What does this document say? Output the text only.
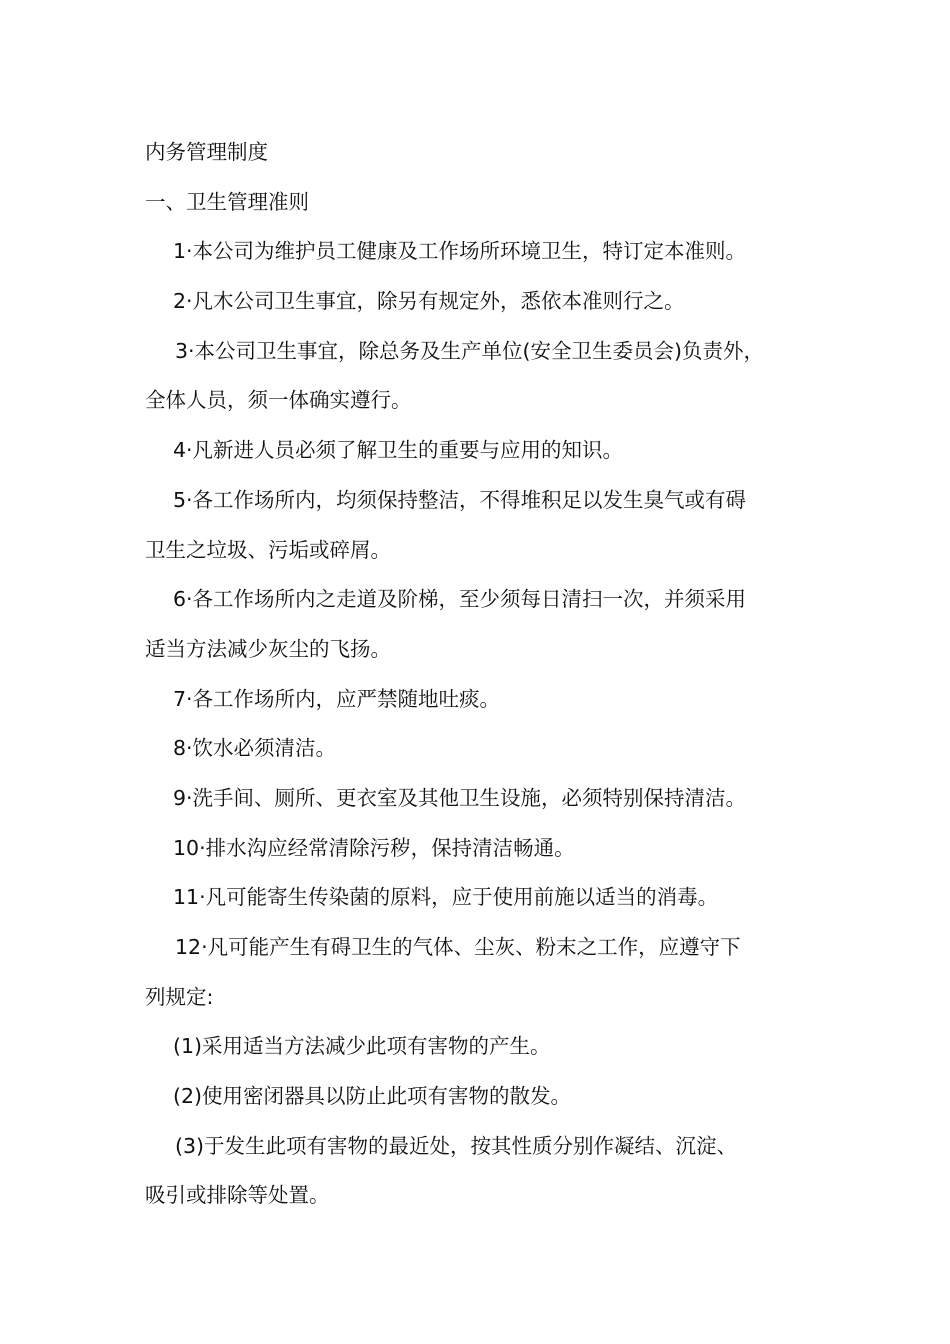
内务管理制度

一、卫生管理准则

1·本公司为维护员工健康及工作场所环境卫生，特订定本准则。

2·凡木公司卫生事宜，除另有规定外，悉依本准则行之。

3·本公司卫生事宜，除总务及生产单位(安全卫生委员会)负责外，

全体人员，须一体确实遵行。

4·凡新进人员必须了解卫生的重要与应用的知识。

5·各工作场所内，均须保持整洁，不得堆积足以发生臭气或有碍

卫生之垃圾、污垢或碎屑。

6·各工作场所内之走道及阶梯，至少须每日清扫一次，并须采用

适当方法减少灰尘的飞扬。

7·各工作场所内，应严禁随地吐痰。

8·饮水必须清洁。

9·洗手间、厕所、更衣室及其他卫生设施，必须特别保持清洁。

10·排水沟应经常清除污秽，保持清洁畅通。

11·凡可能寄生传染菌的原料，应于使用前施以适当的消毒。

12·凡可能产生有碍卫生的气体、尘灰、粉末之工作，应遵守下

列规定:

(1)采用适当方法减少此项有害物的产生。

(2)使用密闭器具以防止此项有害物的散发。

(3)于发生此项有害物的最近处，按其性质分别作凝结、沉淀、

吸引或排除等处置。
